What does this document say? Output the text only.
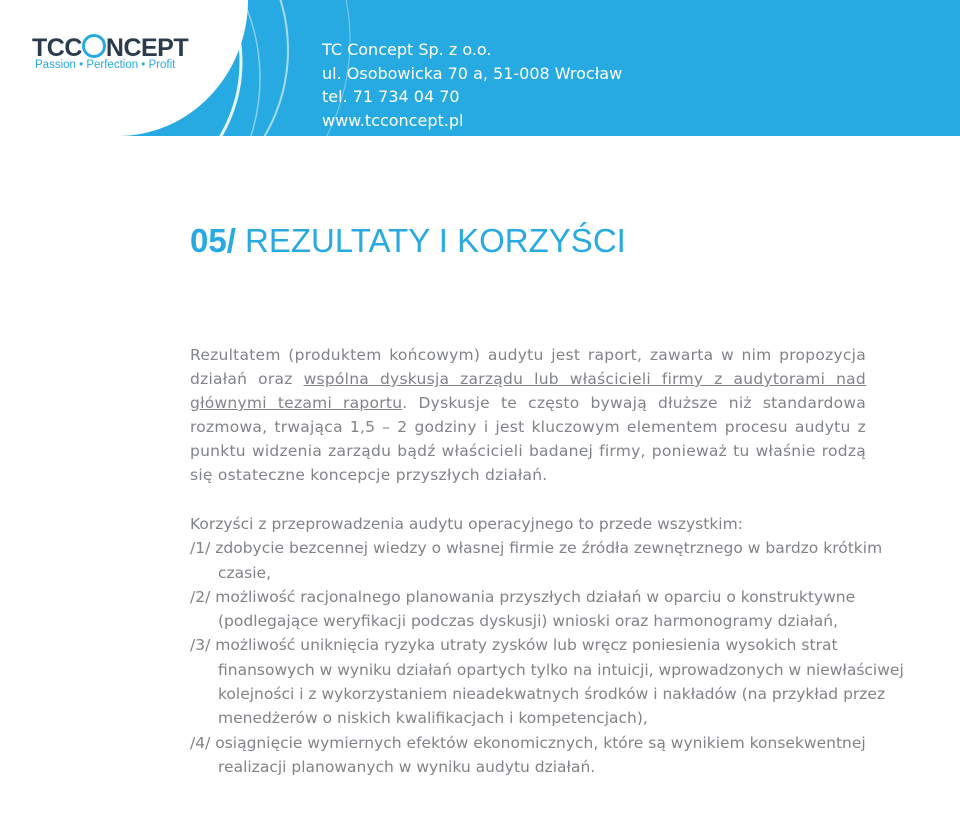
TCC NCEPT
Passion • Perfection • Profit
TC Concept Sp. z o.o.
ul. Osobowicka 70 a, 51-008 Wrocław
tel. 71 734 04 70
www.tcconcept.pl
05/ REZULTATY I KORZYŚCI

Rezultatem (produktem końcowym) audytu jest raport, zawarta w nim propozycja działań oraz wspólna dyskusja zarządu lub właścicieli firmy z audytorami nad głównymi tezami raportu. Dyskusje te często bywają dłuższe niż standardowa rozmowa, trwająca 1,5 – 2 godziny i jest kluczowym elementem procesu audytu z punktu widzenia zarządu bądź właścicieli badanej firmy, ponieważ tu właśnie rodzą się ostateczne koncepcje przyszłych działań.

Korzyści z przeprowadzenia audytu operacyjnego to przede wszystkim:

/1/ zdobycie bezcennej wiedzy o własnej firmie ze źródła zewnętrznego w bardzo krótkim czasie,
/2/ możliwość racjonalnego planowania przyszłych działań w oparciu o konstruktywne (podlegające weryfikacji podczas dyskusji) wnioski oraz harmonogramy działań,
/3/ możliwość uniknięcia ryzyka utraty zysków lub wręcz poniesienia wysokich strat finansowych w wyniku działań opartych tylko na intuicji, wprowadzonych w niewłaściwej kolejności i z wykorzystaniem nieadekwatnych środków i nakładów (na przykład przez menedżerów o niskich kwalifikacjach i kompetencjach),
/4/ osiągnięcie wymiernych efektów ekonomicznych, które są wynikiem konsekwentnej realizacji planowanych w wyniku audytu działań.
